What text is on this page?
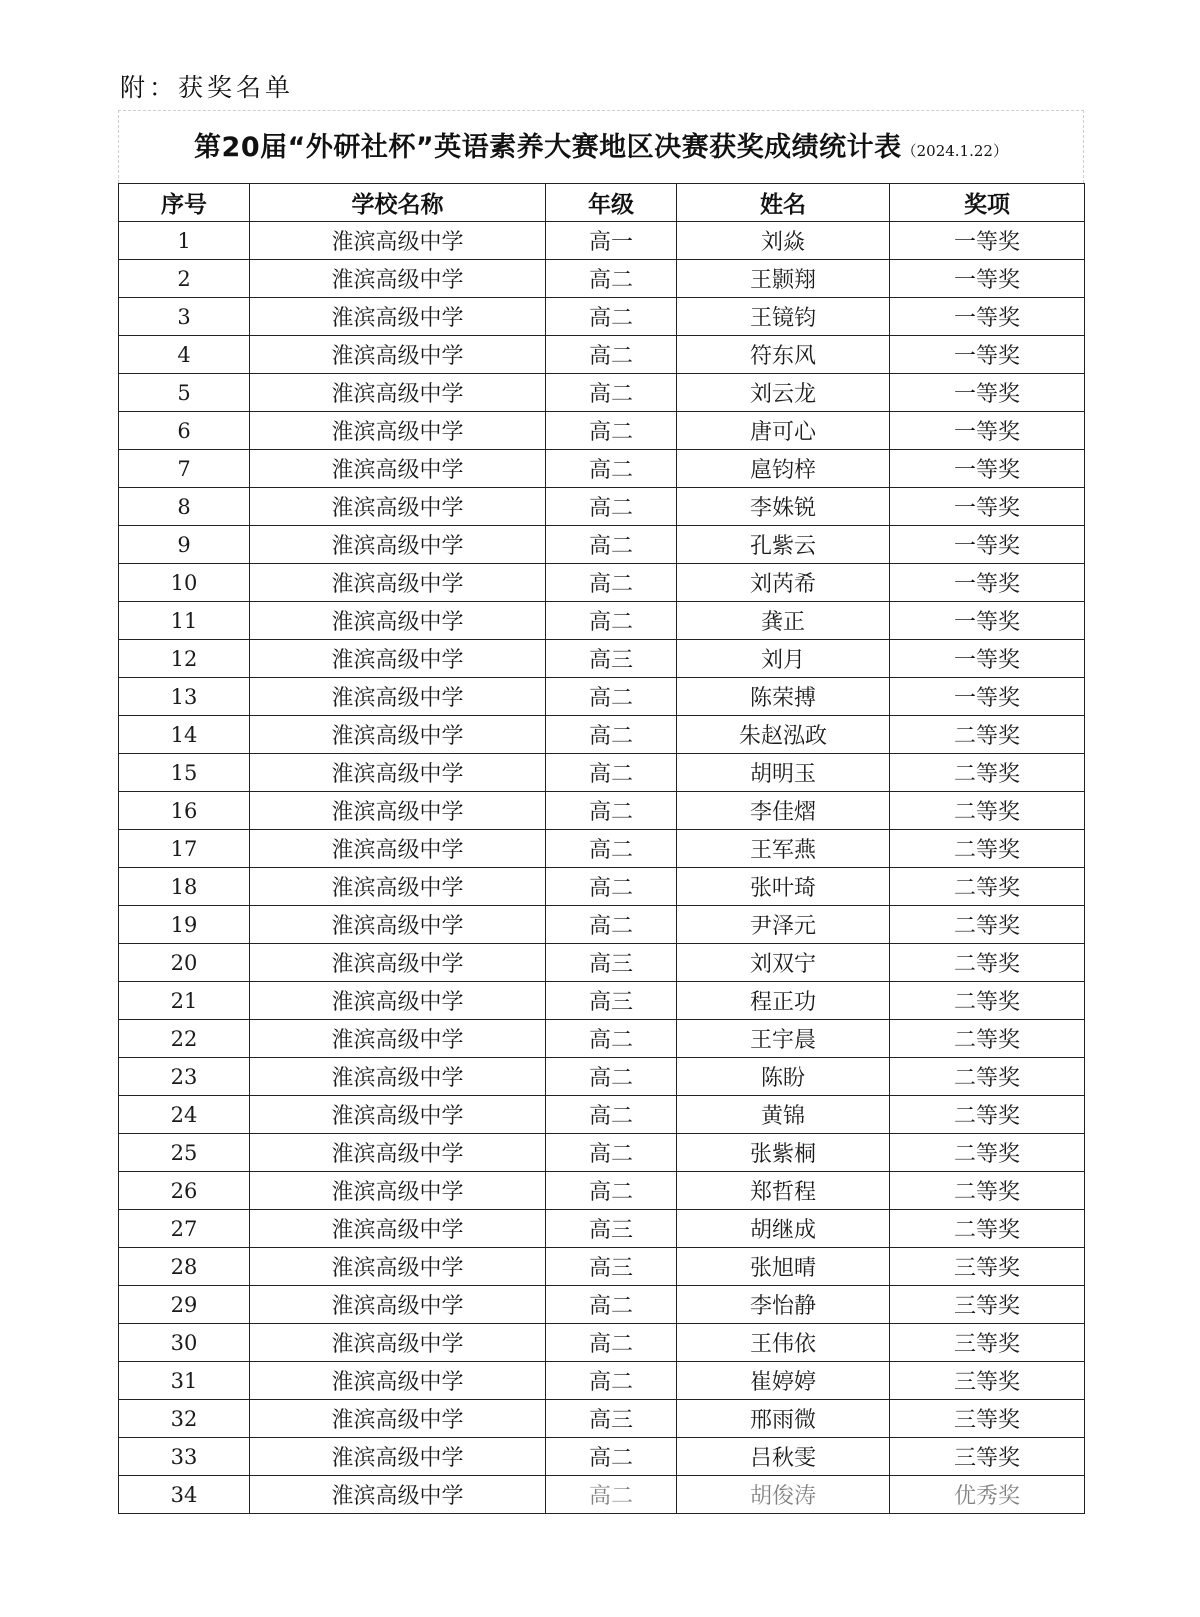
附：获奖名单
第20届“外研社杯”英语素养大赛地区决赛获奖成绩统计表（2024.1.22）
序号	学校名称	年级	姓名	奖项
1	淮滨高级中学	高一	刘焱	一等奖
2	淮滨高级中学	高二	王颢翔	一等奖
3	淮滨高级中学	高二	王镜钧	一等奖
4	淮滨高级中学	高二	符东风	一等奖
5	淮滨高级中学	高二	刘云龙	一等奖
6	淮滨高级中学	高二	唐可心	一等奖
7	淮滨高级中学	高二	扈钧梓	一等奖
8	淮滨高级中学	高二	李姝锐	一等奖
9	淮滨高级中学	高二	孔紫云	一等奖
10	淮滨高级中学	高二	刘芮希	一等奖
11	淮滨高级中学	高二	龚正	一等奖
12	淮滨高级中学	高三	刘月	一等奖
13	淮滨高级中学	高二	陈荣搏	一等奖
14	淮滨高级中学	高二	朱赵泓政	二等奖
15	淮滨高级中学	高二	胡明玉	二等奖
16	淮滨高级中学	高二	李佳熠	二等奖
17	淮滨高级中学	高二	王军燕	二等奖
18	淮滨高级中学	高二	张叶琦	二等奖
19	淮滨高级中学	高二	尹泽元	二等奖
20	淮滨高级中学	高三	刘双宁	二等奖
21	淮滨高级中学	高三	程正功	二等奖
22	淮滨高级中学	高二	王宇晨	二等奖
23	淮滨高级中学	高二	陈盼	二等奖
24	淮滨高级中学	高二	黄锦	二等奖
25	淮滨高级中学	高二	张紫桐	二等奖
26	淮滨高级中学	高二	郑哲程	二等奖
27	淮滨高级中学	高三	胡继成	二等奖
28	淮滨高级中学	高三	张旭晴	三等奖
29	淮滨高级中学	高二	李怡静	三等奖
30	淮滨高级中学	高二	王伟依	三等奖
31	淮滨高级中学	高二	崔婷婷	三等奖
32	淮滨高级中学	高三	邢雨微	三等奖
33	淮滨高级中学	高二	吕秋雯	三等奖
34	淮滨高级中学	高二	胡俊涛	优秀奖
